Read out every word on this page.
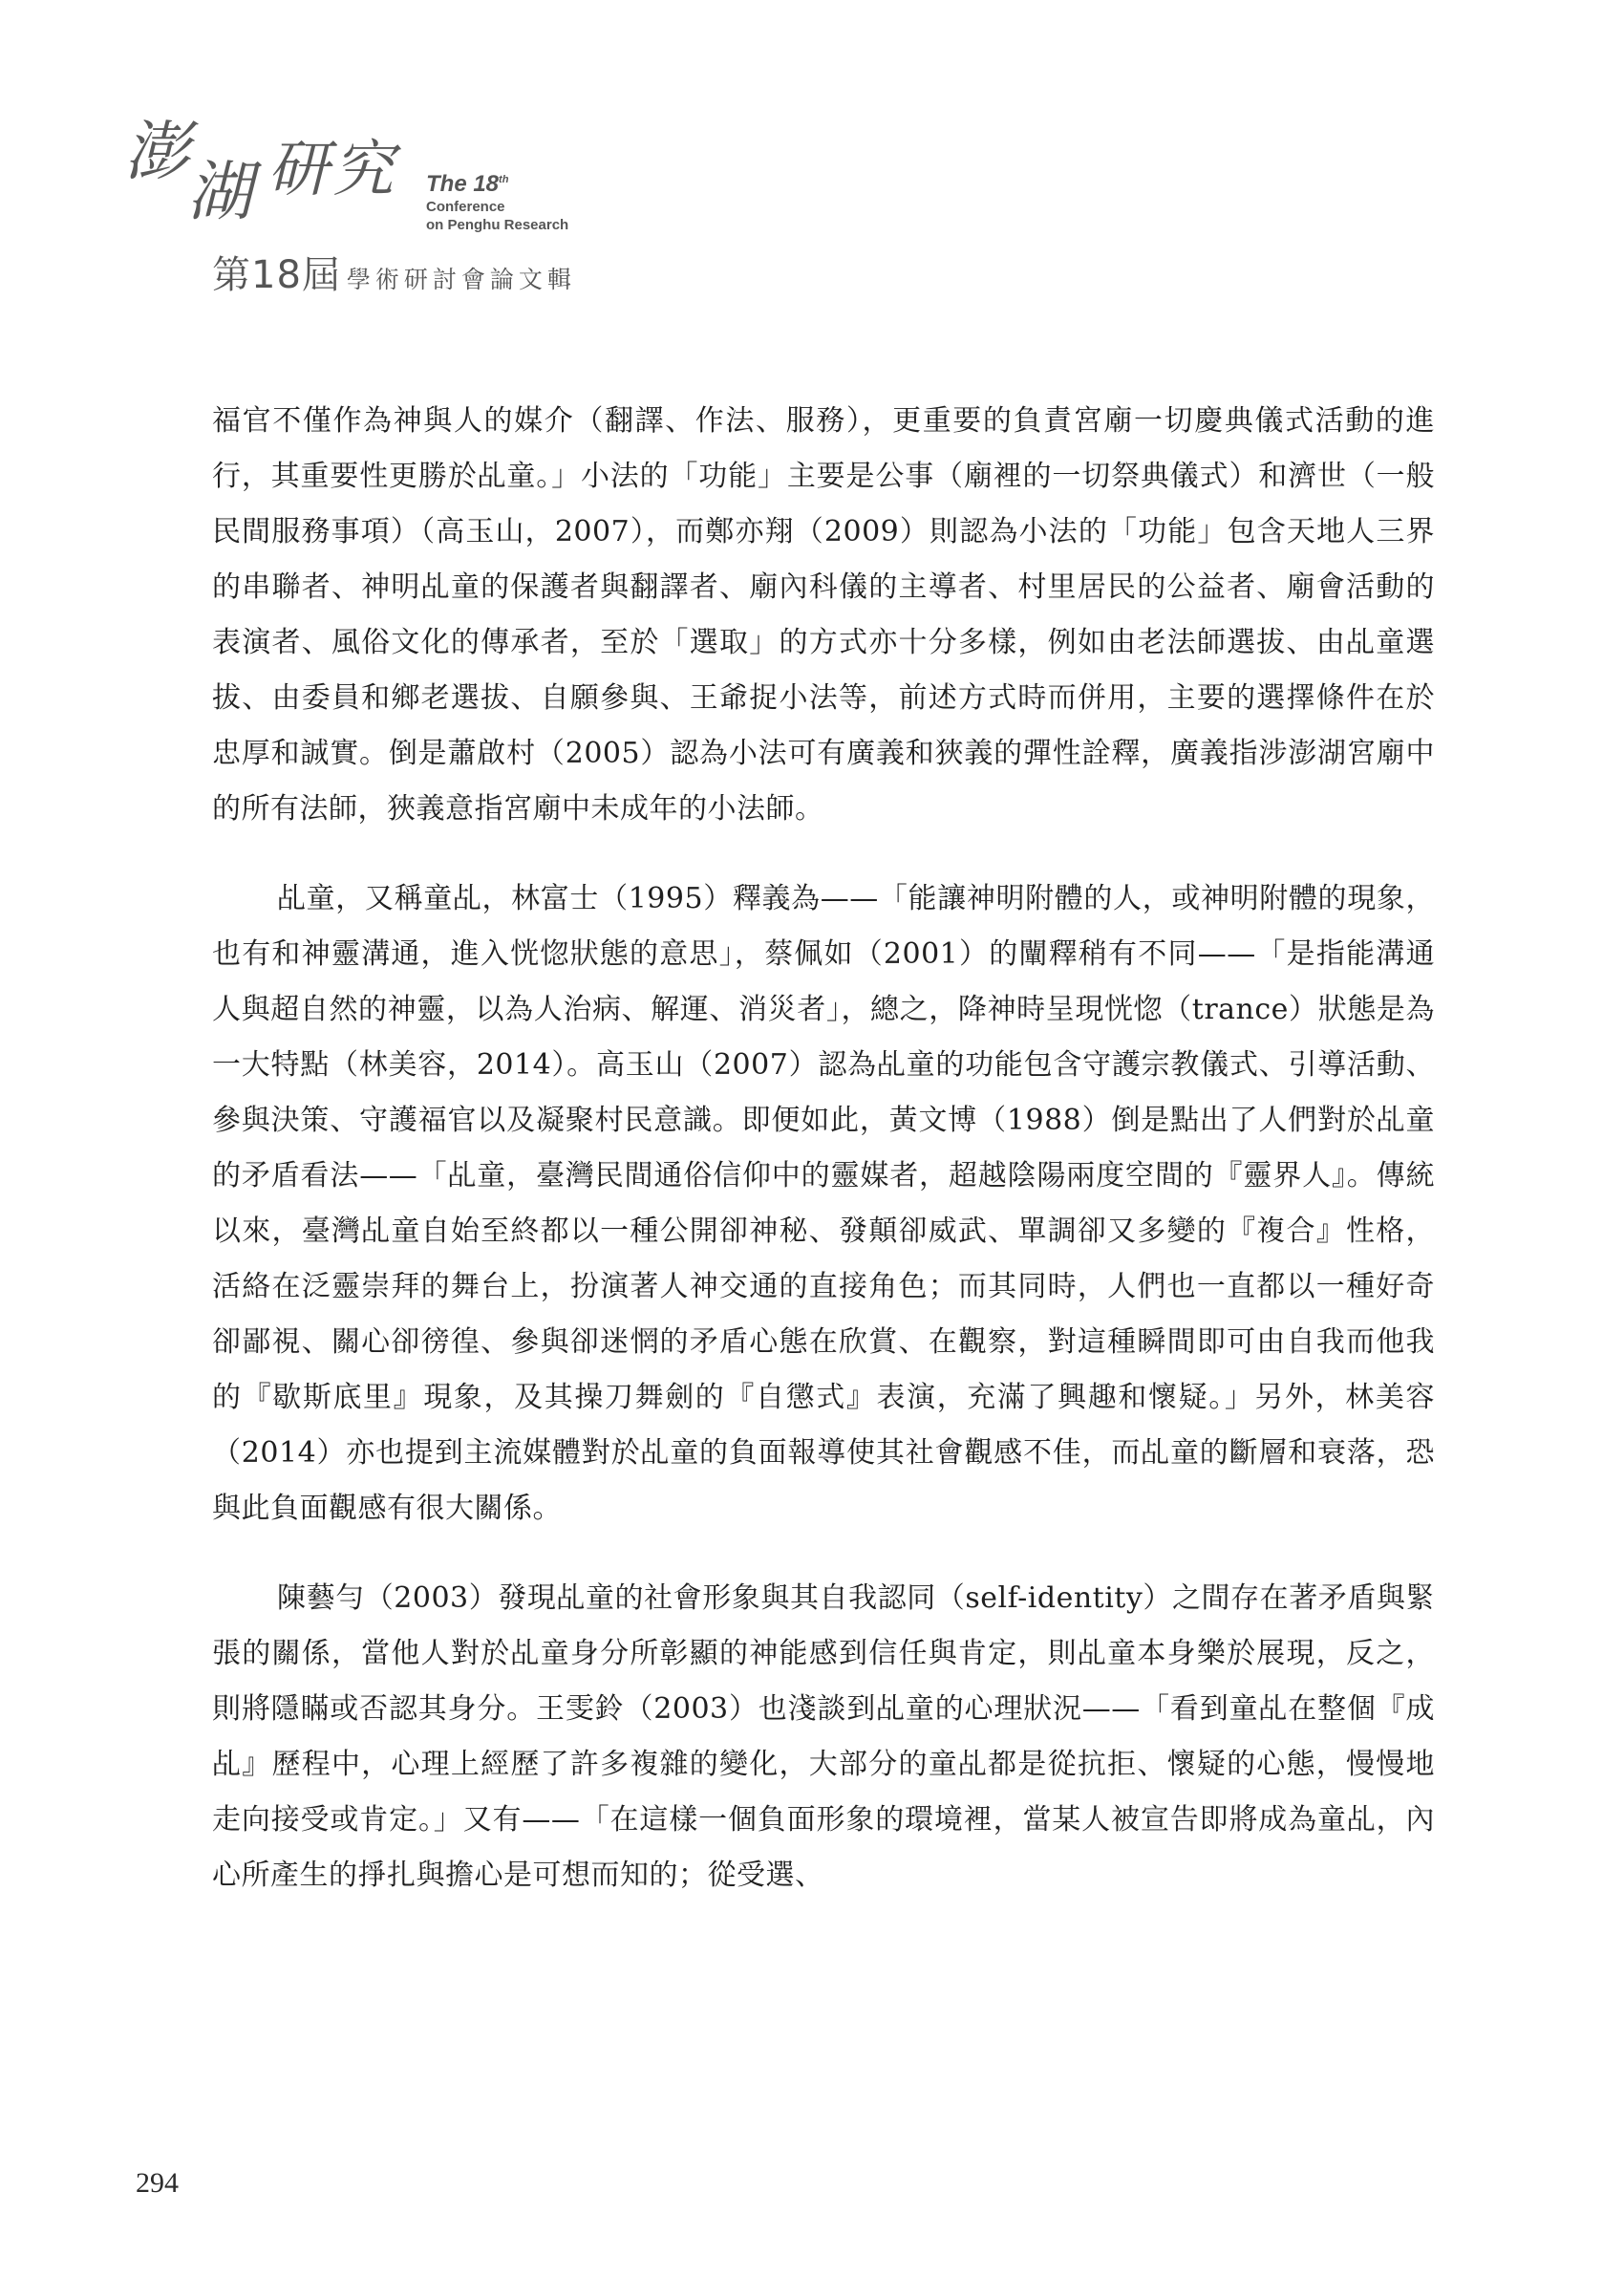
澎
湖 研 究 The 18th
Conference
on Penghu Research
第18屆 學術研討會論文輯

福官不僅作為神與人的媒介（翻譯、作法、服務），更重要的負責宮廟一切慶典儀式活動的進行，其重要性更勝於乩童。」小法的「功能」主要是公事（廟裡的一切祭典儀式）和濟世（一般民間服務事項）（高玉山，2007），而鄭亦翔（2009）則認為小法的「功能」包含天地人三界的串聯者、神明乩童的保護者與翻譯者、廟內科儀的主導者、村里居民的公益者、廟會活動的表演者、風俗文化的傳承者，至於「選取」的方式亦十分多樣，例如由老法師選拔、由乩童選拔、由委員和鄉老選拔、自願參與、王爺捉小法等，前述方式時而併用，主要的選擇條件在於忠厚和誠實。倒是蕭啟村（2005）認為小法可有廣義和狹義的彈性詮釋，廣義指涉澎湖宮廟中的所有法師，狹義意指宮廟中未成年的小法師。

乩童，又稱童乩，林富士（1995）釋義為——「能讓神明附體的人，或神明附體的現象，也有和神靈溝通，進入恍惚狀態的意思」，蔡佩如（2001）的闡釋稍有不同——「是指能溝通人與超自然的神靈，以為人治病、解運、消災者」，總之，降神時呈現恍惚（trance）狀態是為一大特點（林美容，2014）。高玉山（2007）認為乩童的功能包含守護宗教儀式、引導活動、參與決策、守護福官以及凝聚村民意識。即便如此，黃文博（1988）倒是點出了人們對於乩童的矛盾看法——「乩童，臺灣民間通俗信仰中的靈媒者，超越陰陽兩度空間的『靈界人』。傳統以來，臺灣乩童自始至終都以一種公開卻神秘、發顛卻威武、單調卻又多變的『複合』性格，活絡在泛靈崇拜的舞台上，扮演著人神交通的直接角色；而其同時，人們也一直都以一種好奇卻鄙視、關心卻徬徨、參與卻迷惘的矛盾心態在欣賞、在觀察，對這種瞬間即可由自我而他我的『歇斯底里』現象，及其操刀舞劍的『自懲式』表演，充滿了興趣和懷疑。」另外，林美容（2014）亦也提到主流媒體對於乩童的負面報導使其社會觀感不佳，而乩童的斷層和衰落，恐與此負面觀感有很大關係。

陳藝勻（2003）發現乩童的社會形象與其自我認同（self-identity）之間存在著矛盾與緊張的關係，當他人對於乩童身分所彰顯的神能感到信任與肯定，則乩童本身樂於展現，反之，則將隱瞞或否認其身分。王雯鈴（2003）也淺談到乩童的心理狀況——「看到童乩在整個『成乩』歷程中，心理上經歷了許多複雜的變化，大部分的童乩都是從抗拒、懷疑的心態，慢慢地走向接受或肯定。」又有——「在這樣一個負面形象的環境裡，當某人被宣告即將成為童乩，內心所產生的掙扎與擔心是可想而知的；從受選、

294
